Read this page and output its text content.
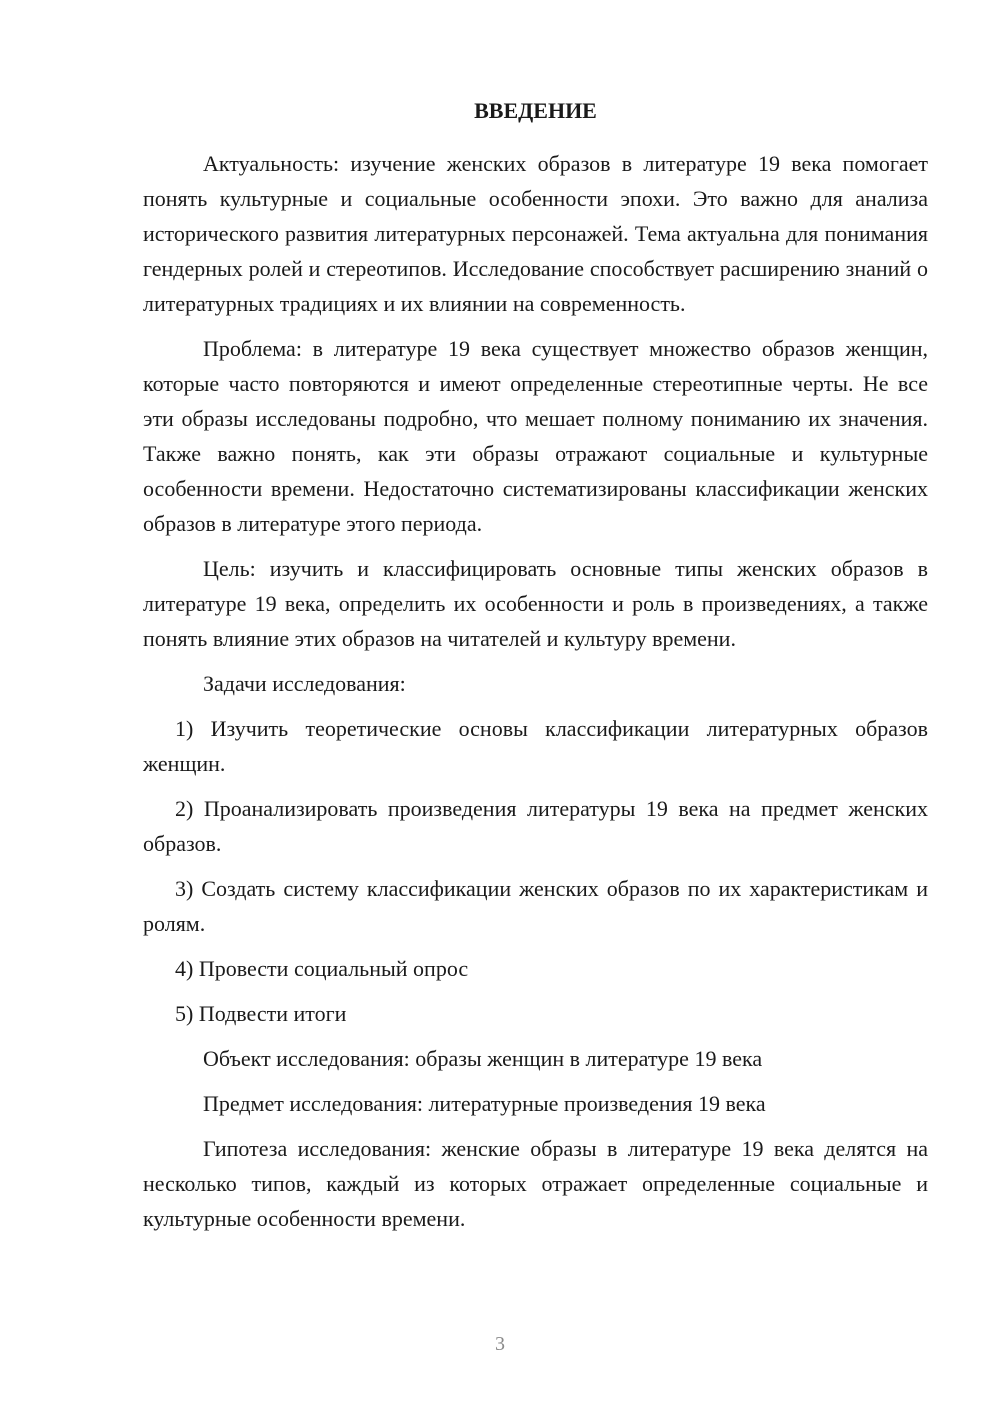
ВВЕДЕНИЕ

Актуальность: изучение женских образов в литературе 19 века помогает понять культурные и социальные особенности эпохи. Это важно для анализа исторического развития литературных персонажей. Тема актуальна для понимания гендерных ролей и стереотипов. Исследование способствует расширению знаний о литературных традициях и их влиянии на современность.

Проблема: в литературе 19 века существует множество образов женщин, которые часто повторяются и имеют определенные стереотипные черты. Не все эти образы исследованы подробно, что мешает полному пониманию их значения. Также важно понять, как эти образы отражают социальные и культурные особенности времени. Недостаточно систематизированы классификации женских образов в литературе этого периода.

Цель: изучить и классифицировать основные типы женских образов в литературе 19 века, определить их особенности и роль в произведениях, а также понять влияние этих образов на читателей и культуру времени.

Задачи исследования:

1) Изучить теоретические основы классификации литературных образов женщин.

2) Проанализировать произведения литературы 19 века на предмет женских образов.

3) Создать систему классификации женских образов по их характеристикам и ролям.

4) Провести социальный опрос

5) Подвести итоги

Объект исследования: образы женщин в литературе 19 века

Предмет исследования: литературные произведения 19 века

Гипотеза исследования: женские образы в литературе 19 века делятся на несколько типов, каждый из которых отражает определенные социальные и культурные особенности времени.

3
